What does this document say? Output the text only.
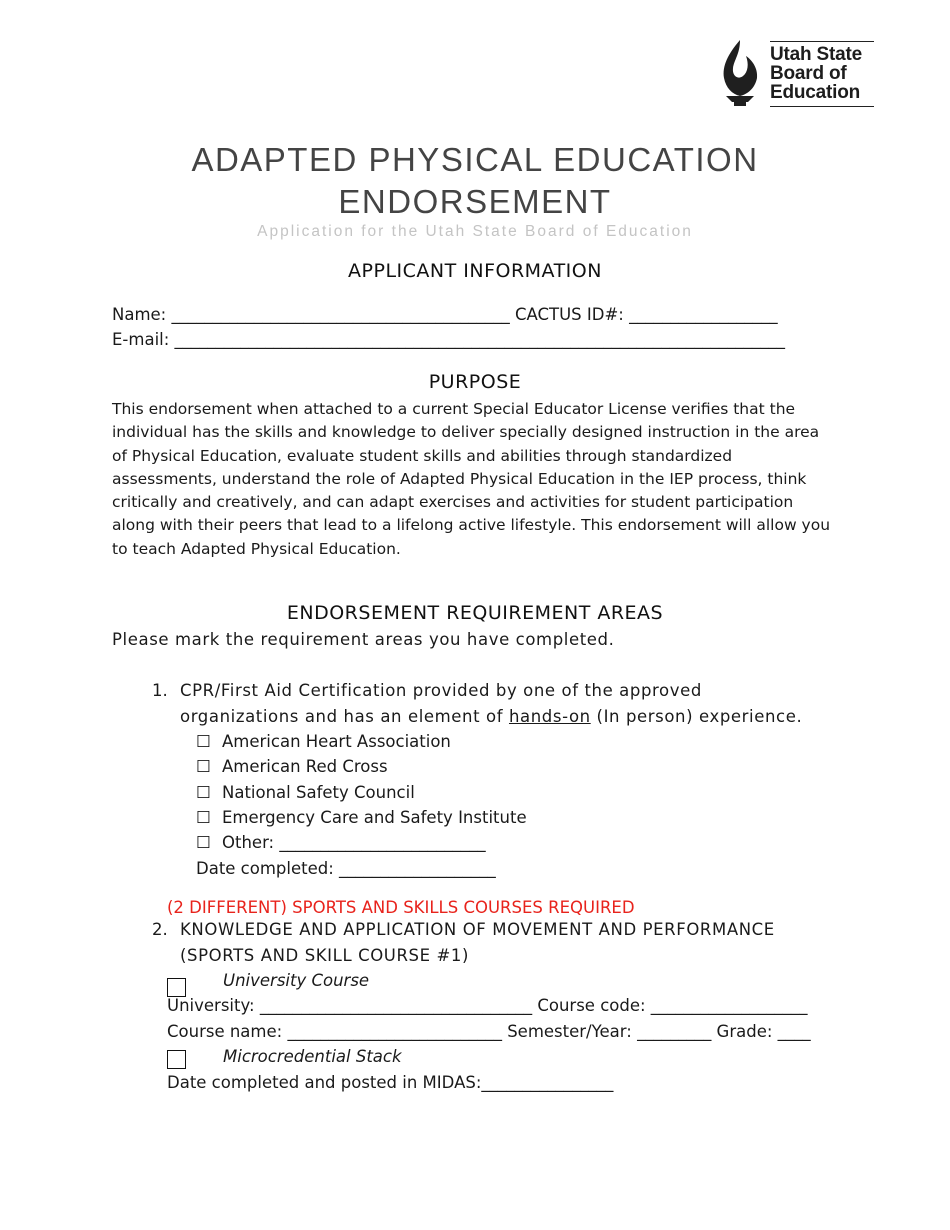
Utah State
Board of
Education
ADAPTED PHYSICAL EDUCATION
ENDORSEMENT
Application for the Utah State Board of Education
APPLICANT INFORMATION
Name: _________________________________________ CACTUS ID#: __________________
E-mail: __________________________________________________________________________
PURPOSE
This endorsement when attached to a current Special Educator License verifies that the
individual has the skills and knowledge to deliver specially designed instruction in the area
of Physical Education, evaluate student skills and abilities through standardized
assessments, understand the role of Adapted Physical Education in the IEP process, think
critically and creatively, and can adapt exercises and activities for student participation
along with their peers that lead to a lifelong active lifestyle. This endorsement will allow you
to teach Adapted Physical Education.
ENDORSEMENT REQUIREMENT AREAS
Please mark the requirement areas you have completed.
1. CPR/First Aid Certification provided by one of the approved
organizations and has an element of hands-on (In person) experience.
☐ American Heart Association
☐ American Red Cross
☐ National Safety Council
☐ Emergency Care and Safety Institute
☐ Other: _________________________
Date completed: ___________________
(2 DIFFERENT) SPORTS AND SKILLS COURSES REQUIRED
2. KNOWLEDGE AND APPLICATION OF MOVEMENT AND PERFORMANCE
(SPORTS AND SKILL COURSE #1)
University Course
University: _________________________________ Course code: ___________________
Course name: __________________________ Semester/Year: _________ Grade: ____
Microcredential Stack
Date completed and posted in MIDAS:________________
